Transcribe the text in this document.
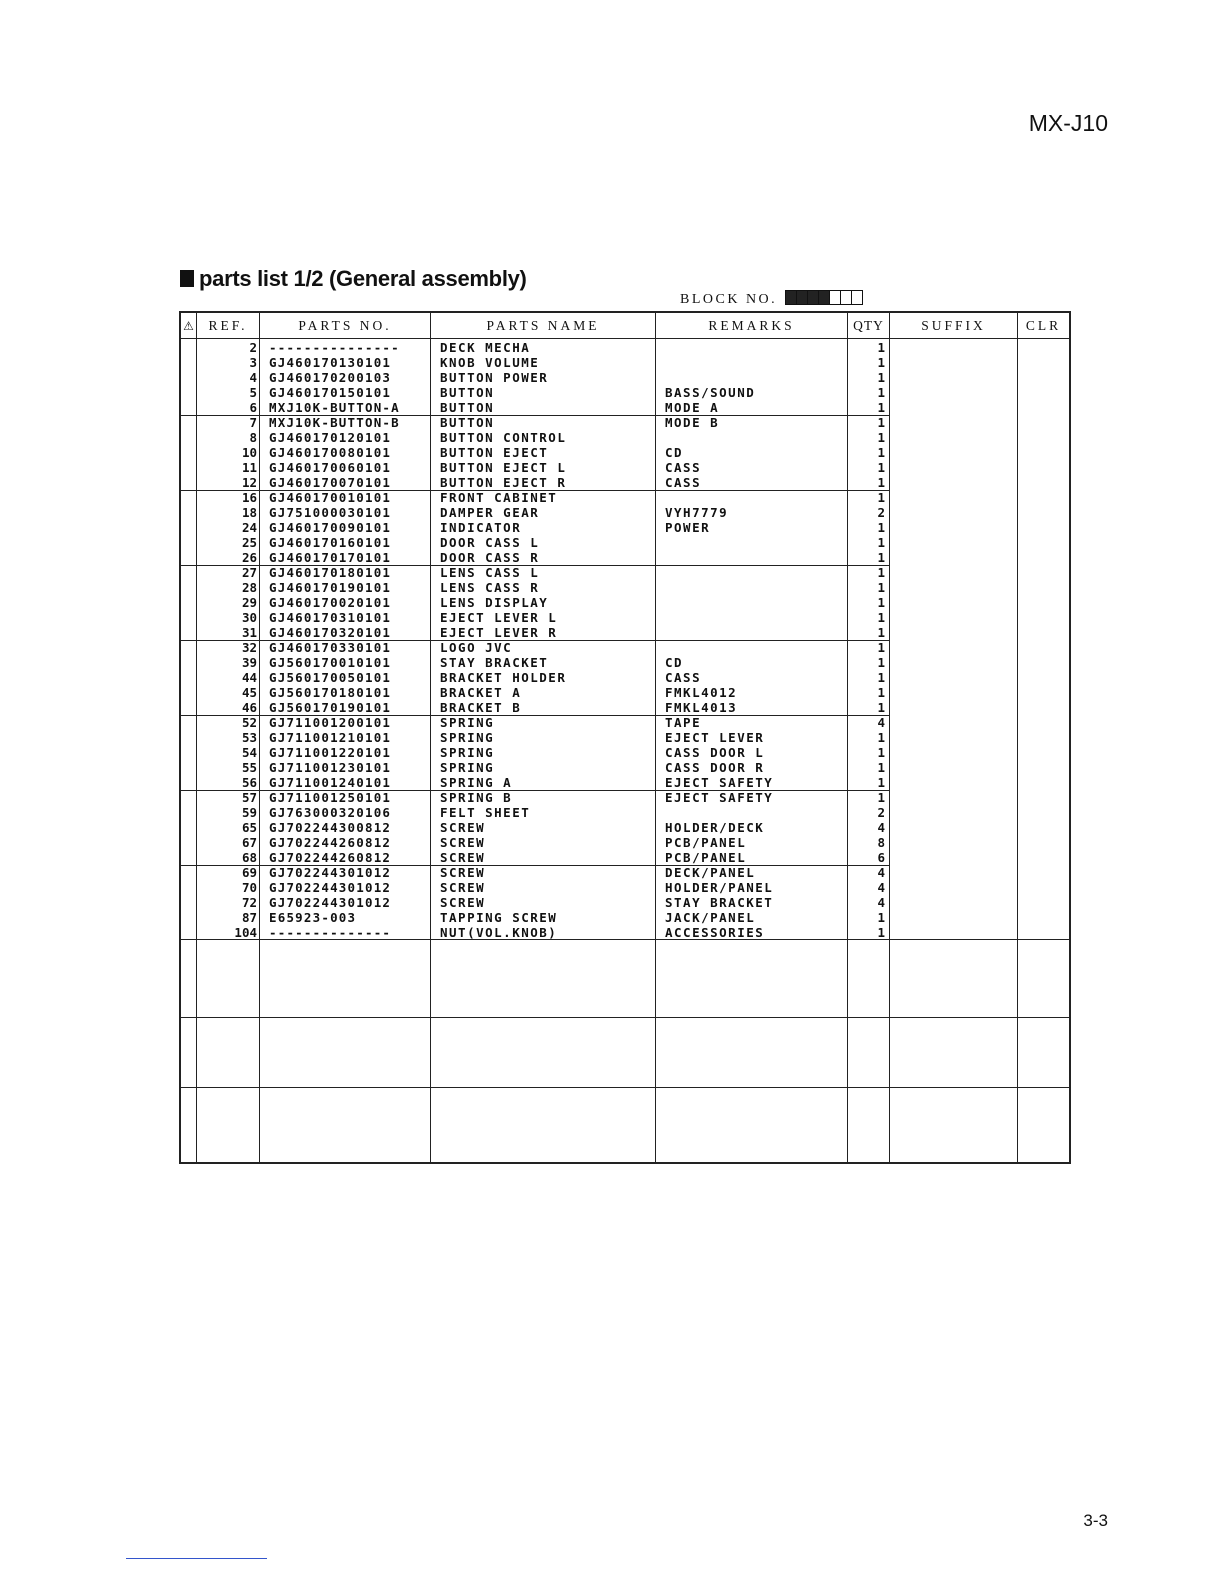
MX-J10
parts list 1/2 (General assembly)
BLOCK NO.
⚠	REF.	PARTS NO.	PARTS NAME	REMARKS	QTY	SUFFIX	CLR
2 ---------------	DECK MECHA	1
3 GJ460170130101	KNOB VOLUME	1
4 GJ460170200103	BUTTON POWER	1
5 GJ460170150101	BUTTON	BASS/SOUND	1
6 MXJ10K-BUTTON-A	BUTTON	MODE A	1
7 MXJ10K-BUTTON-B	BUTTON	MODE B	1
8 GJ460170120101	BUTTON CONTROL	1
10 GJ460170080101	BUTTON EJECT	CD	1
11 GJ460170060101	BUTTON EJECT L	CASS	1
12 GJ460170070101	BUTTON EJECT R	CASS	1
16 GJ460170010101	FRONT CABINET	1
18 GJ751000030101	DAMPER GEAR	VYH7779	2
24 GJ460170090101	INDICATOR	POWER	1
25 GJ460170160101	DOOR CASS L	1
26 GJ460170170101	DOOR CASS R	1
27 GJ460170180101	LENS CASS L	1
28 GJ460170190101	LENS CASS R	1
29 GJ460170020101	LENS DISPLAY	1
30 GJ460170310101	EJECT LEVER L	1
31 GJ460170320101	EJECT LEVER R	1
32 GJ460170330101	LOGO JVC	1
39 GJ560170010101	STAY BRACKET	CD	1
44 GJ560170050101	BRACKET HOLDER	CASS	1
45 GJ560170180101	BRACKET A	FMKL4012	1
46 GJ560170190101	BRACKET B	FMKL4013	1
52 GJ711001200101	SPRING	TAPE	4
53 GJ711001210101	SPRING	EJECT LEVER	1
54 GJ711001220101	SPRING	CASS DOOR L	1
55 GJ711001230101	SPRING	CASS DOOR R	1
56 GJ711001240101	SPRING A	EJECT SAFETY	1
57 GJ711001250101	SPRING B	EJECT SAFETY	1
59 GJ763000320106	FELT SHEET	2
65 GJ702244300812	SCREW	HOLDER/DECK	4
67 GJ702244260812	SCREW	PCB/PANEL	8
68 GJ702244260812	SCREW	PCB/PANEL	6
69 GJ702244301012	SCREW	DECK/PANEL	4
70 GJ702244301012	SCREW	HOLDER/PANEL	4
72 GJ702244301012	SCREW	STAY BRACKET	4
87 E65923-003	TAPPING SCREW	JACK/PANEL	1
104 --------------	NUT(VOL.KNOB)	ACCESSORIES	1
3-3
